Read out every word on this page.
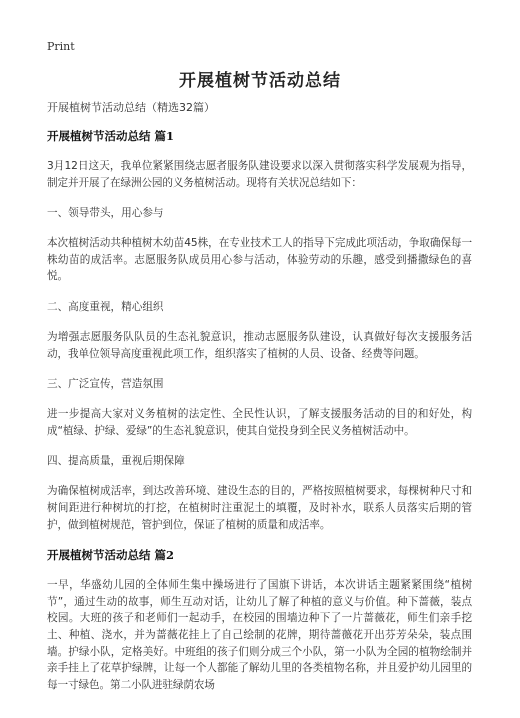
Print
开展植树节活动总结

开展植树节活动总结（精选32篇）

开展植树节活动总结 篇1

3月12日这天，我单位紧紧围绕志愿者服务队建设要求以深入贯彻落实科学发展观为指导，制定并开展了在绿洲公园的义务植树活动。现将有关状况总结如下：

一、领导带头，用心参与

本次植树活动共种植树木幼苗45株，在专业技术工人的指导下完成此项活动，争取确保每一株幼苗的成活率。志愿服务队成员用心参与活动，体验劳动的乐趣，感受到播撒绿色的喜悦。

二、高度重视，精心组织

为增强志愿服务队队员的生态礼貌意识，推动志愿服务队建设，认真做好每次支援服务活动，我单位领导高度重视此项工作，组织落实了植树的人员、设备、经费等问题。

三、广泛宣传，营造氛围

进一步提高大家对义务植树的法定性、全民性认识，了解支援服务活动的目的和好处，构成“植绿、护绿、爱绿”的生态礼貌意识，使其自觉投身到全民义务植树活动中。

四、提高质量，重视后期保障

为确保植树成活率，到达改善环境、建设生态的目的，严格按照植树要求，每棵树种尺寸和树间距进行种树坑的打挖，在植树时注重泥土的填覆，及时补水，联系人员落实后期的管护，做到植树规范，管护到位，保证了植树的质量和成活率。

开展植树节活动总结 篇2

一早，华盛幼儿园的全体师生集中操场进行了国旗下讲话，本次讲话主题紧紧围绕“植树节”，通过生动的故事，师生互动对话，让幼儿了解了种植的意义与价值。种下蔷薇，装点校园。大班的孩子和老师们一起动手，在校园的围墙边种下了一片蔷薇花，师生们亲手挖土、种植、浇水，并为蔷薇花挂上了自己绘制的花牌，期待蔷薇花开出芬芳朵朵，装点围墙。护绿小队，定格美好。中班组的孩子们则分成三个小队，第一小队为全园的植物绘制并亲手挂上了花草护绿牌，让每一个人都能了解幼儿里的各类植物名称，并且爱护幼儿园里的每一寸绿色。第二小队进驻绿荫农场
